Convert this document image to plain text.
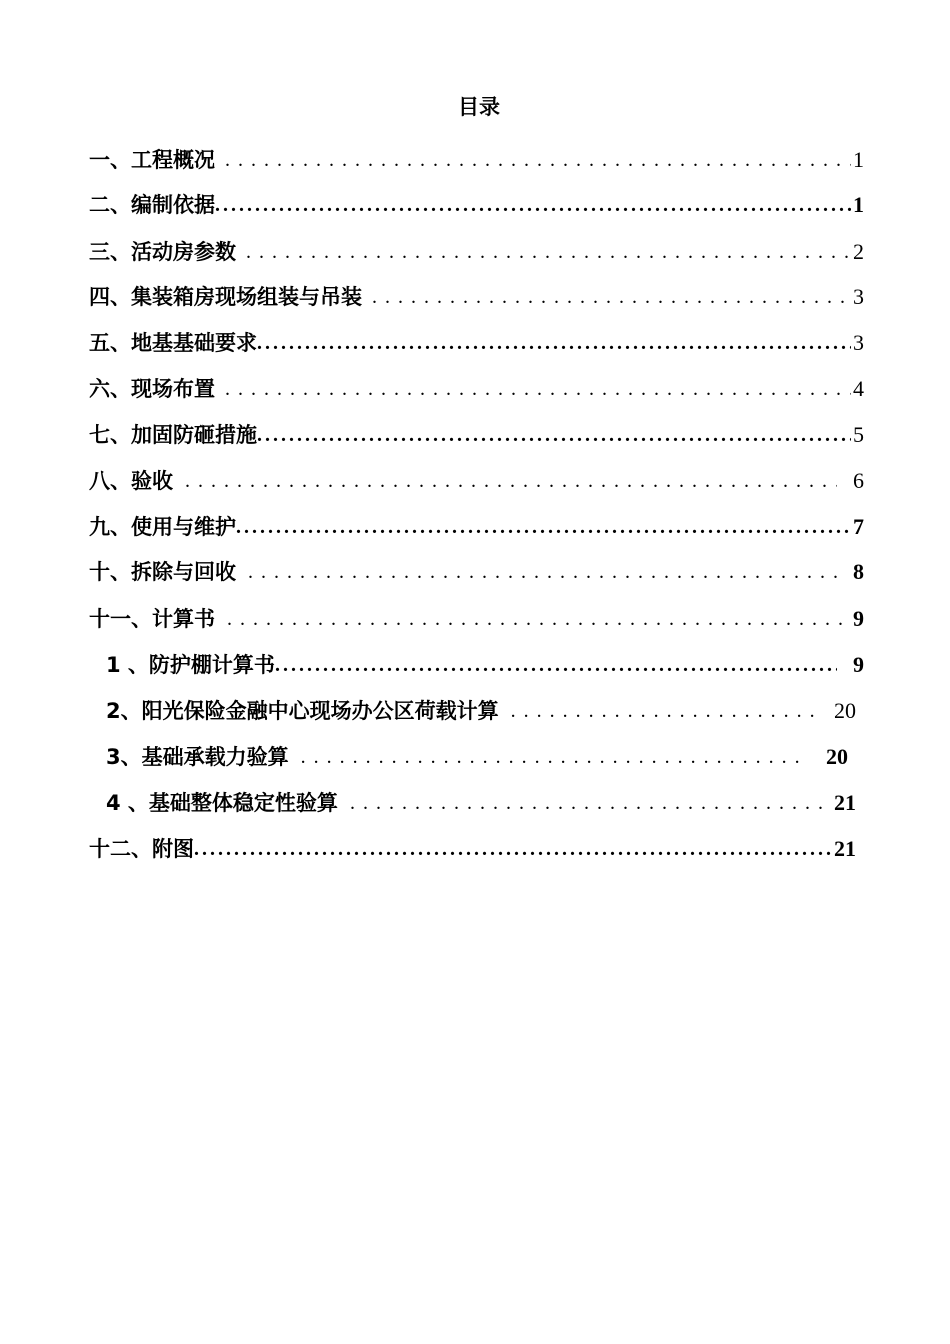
目录
一、工程概况 . . .	1
二、编制依据 . . .	1
三、活动房参数 . . .	2
四、集装箱房现场组装与吊装 . . .	3
五、地基基础要求 . . .	3
六、现场布置 . . .	4
七、加固防砸措施 . . .	5
八、验收 . . .	6
九、使用与维护 . . .	7
十、拆除与回收 . . .	8
十一、计算书 . . .	9
1 、防护棚计算书 . . .	9
2、阳光保险金融中心现场办公区荷载计算 . . .	20
3、基础承载力验算 . . .	20
4 、基础整体稳定性验算 . . .	21
十二、附图 . . .	21
